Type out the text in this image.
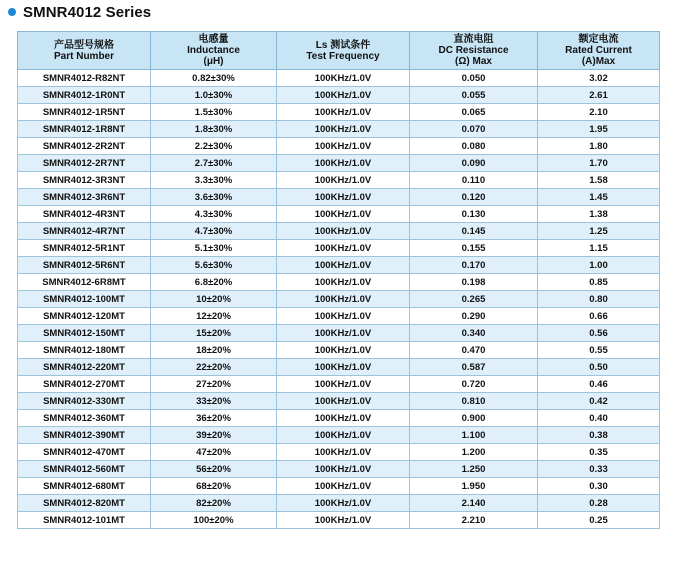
SMNR4012 Series
产品型号规格
Part Number	电感量
Inductance
(μH)	Ls 测试条件
Test Frequency	直流电阻
DC Resistance
(Ω) Max	额定电流
Rated Current
(A)Max

SMNR4012-R82NT	0.82±30%	100KHz/1.0V	0.050	3.02
SMNR4012-1R0NT	1.0±30%	100KHz/1.0V	0.055	2.61
SMNR4012-1R5NT	1.5±30%	100KHz/1.0V	0.065	2.10
SMNR4012-1R8NT	1.8±30%	100KHz/1.0V	0.070	1.95
SMNR4012-2R2NT	2.2±30%	100KHz/1.0V	0.080	1.80
SMNR4012-2R7NT	2.7±30%	100KHz/1.0V	0.090	1.70
SMNR4012-3R3NT	3.3±30%	100KHz/1.0V	0.110	1.58
SMNR4012-3R6NT	3.6±30%	100KHz/1.0V	0.120	1.45
SMNR4012-4R3NT	4.3±30%	100KHz/1.0V	0.130	1.38
SMNR4012-4R7NT	4.7±30%	100KHz/1.0V	0.145	1.25
SMNR4012-5R1NT	5.1±30%	100KHz/1.0V	0.155	1.15
SMNR4012-5R6NT	5.6±30%	100KHz/1.0V	0.170	1.00
SMNR4012-6R8MT	6.8±20%	100KHz/1.0V	0.198	0.85
SMNR4012-100MT	10±20%	100KHz/1.0V	0.265	0.80
SMNR4012-120MT	12±20%	100KHz/1.0V	0.290	0.66
SMNR4012-150MT	15±20%	100KHz/1.0V	0.340	0.56
SMNR4012-180MT	18±20%	100KHz/1.0V	0.470	0.55
SMNR4012-220MT	22±20%	100KHz/1.0V	0.587	0.50
SMNR4012-270MT	27±20%	100KHz/1.0V	0.720	0.46
SMNR4012-330MT	33±20%	100KHz/1.0V	0.810	0.42
SMNR4012-360MT	36±20%	100KHz/1.0V	0.900	0.40
SMNR4012-390MT	39±20%	100KHz/1.0V	1.100	0.38
SMNR4012-470MT	47±20%	100KHz/1.0V	1.200	0.35
SMNR4012-560MT	56±20%	100KHz/1.0V	1.250	0.33
SMNR4012-680MT	68±20%	100KHz/1.0V	1.950	0.30
SMNR4012-820MT	82±20%	100KHz/1.0V	2.140	0.28
SMNR4012-101MT	100±20%	100KHz/1.0V	2.210	0.25
